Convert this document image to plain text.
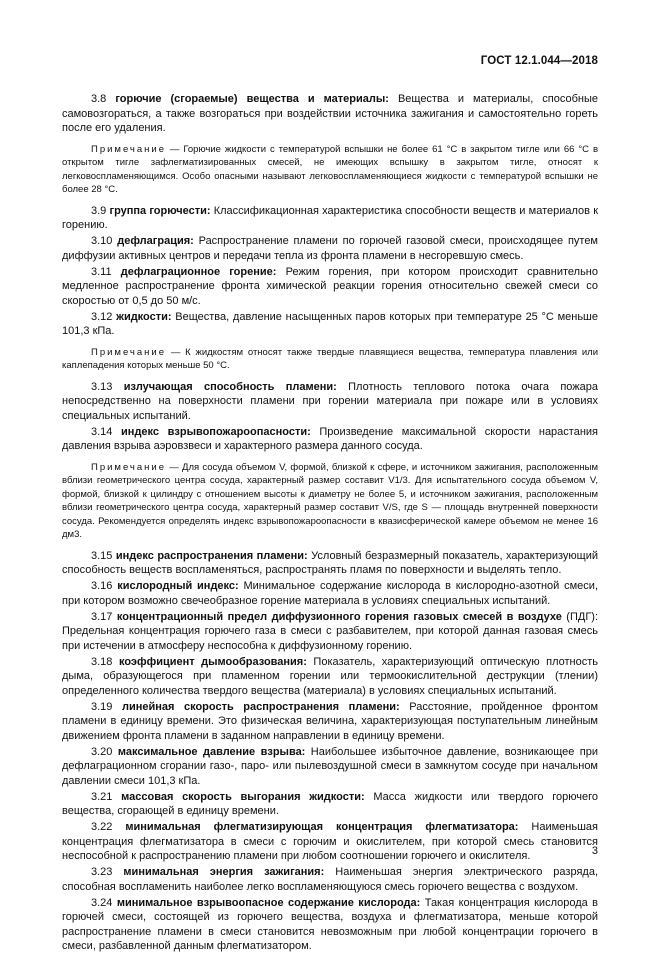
ГОСТ 12.1.044—2018

3.8 горючие (сгораемые) вещества и материалы: Вещества и материалы, способные самовозгораться, а также возгораться при воздействии источника зажигания и самостоятельно гореть после его удаления.

Примечание — Горючие жидкости с температурой вспышки не более 61 °С в закрытом тигле или 66 °С в открытом тигле зафлегматизированных смесей, не имеющих вспышку в закрытом тигле, относят к легковоспламеняющимся. Особо опасными называют легковоспламеняющиеся жидкости с температурой вспышки не более 28 °С.

3.9 группа горючести: Классификационная характеристика способности веществ и материалов к горению.

3.10 дефлаграция: Распространение пламени по горючей газовой смеси, происходящее путем диффузии активных центров и передачи тепла из фронта пламени в несгоревшую смесь.

3.11 дефлаграционное горение: Режим горения, при котором происходит сравнительно медленное распространение фронта химической реакции горения относительно свежей смеси со скоростью от 0,5 до 50 м/с.

3.12 жидкости: Вещества, давление насыщенных паров которых при температуре 25 °С меньше 101,3 кПа.

Примечание — К жидкостям относят также твердые плавящиеся вещества, температура плавления или каплепадения которых меньше 50 °С.

3.13 излучающая способность пламени: Плотность теплового потока очага пожара непосредственно на поверхности пламени при горении материала при пожаре или в условиях специальных испытаний.

3.14 индекс взрывопожароопасности: Произведение максимальной скорости нарастания давления взрыва аэровзвеси и характерного размера данного сосуда.

Примечание — Для сосуда объемом V, формой, близкой к сфере, и источником зажигания, расположенным вблизи геометрического центра сосуда, характерный размер составит V1/3. Для испытательного сосуда объемом V, формой, близкой к цилиндру с отношением высоты к диаметру не более 5, и источником зажигания, расположенным вблизи геометрического центра сосуда, характерный размер составит V/S, где S — площадь внутренней поверхности сосуда. Рекомендуется определять индекс взрывопожароопасности в квазисферической камере объемом не менее 16 дм3.

3.15 индекс распространения пламени: Условный безразмерный показатель, характеризующий способность веществ воспламеняться, распространять пламя по поверхности и выделять тепло.

3.16 кислородный индекс: Минимальное содержание кислорода в кислородно-азотной смеси, при котором возможно свечеобразное горение материала в условиях специальных испытаний.

3.17 концентрационный предел диффузионного горения газовых смесей в воздухе (ПДГ): Предельная концентрация горючего газа в смеси с разбавителем, при которой данная газовая смесь при истечении в атмосферу неспособна к диффузионному горению.

3.18 коэффициент дымообразования: Показатель, характеризующий оптическую плотность дыма, образующегося при пламенном горении или термоокислительной деструкции (тлении) определенного количества твердого вещества (материала) в условиях специальных испытаний.

3.19 линейная скорость распространения пламени: Расстояние, пройденное фронтом пламени в единицу времени. Это физическая величина, характеризующая поступательным линейным движением фронта пламени в заданном направлении в единицу времени.

3.20 максимальное давление взрыва: Наибольшее избыточное давление, возникающее при дефлаграционном сгорании газо-, паро- или пылевоздушной смеси в замкнутом сосуде при начальном давлении смеси 101,3 кПа.

3.21 массовая скорость выгорания жидкости: Масса жидкости или твердого горючего вещества, сгорающей в единицу времени.

3.22 минимальная флегматизирующая концентрация флегматизатора: Наименьшая концентрация флегматизатора в смеси с горючим и окислителем, при которой смесь становится неспособной к распространению пламени при любом соотношении горючего и окислителя.

3.23 минимальная энергия зажигания: Наименьшая энергия электрического разряда, способная воспламенить наиболее легко воспламеняющуюся смесь горючего вещества с воздухом.

3.24 минимальное взрывоопасное содержание кислорода: Такая концентрация кислорода в горючей смеси, состоящей из горючего вещества, воздуха и флегматизатора, меньше которой распространение пламени в смеси становится невозможным при любой концентрации горючего в смеси, разбавленной данным флегматизатором.

3
